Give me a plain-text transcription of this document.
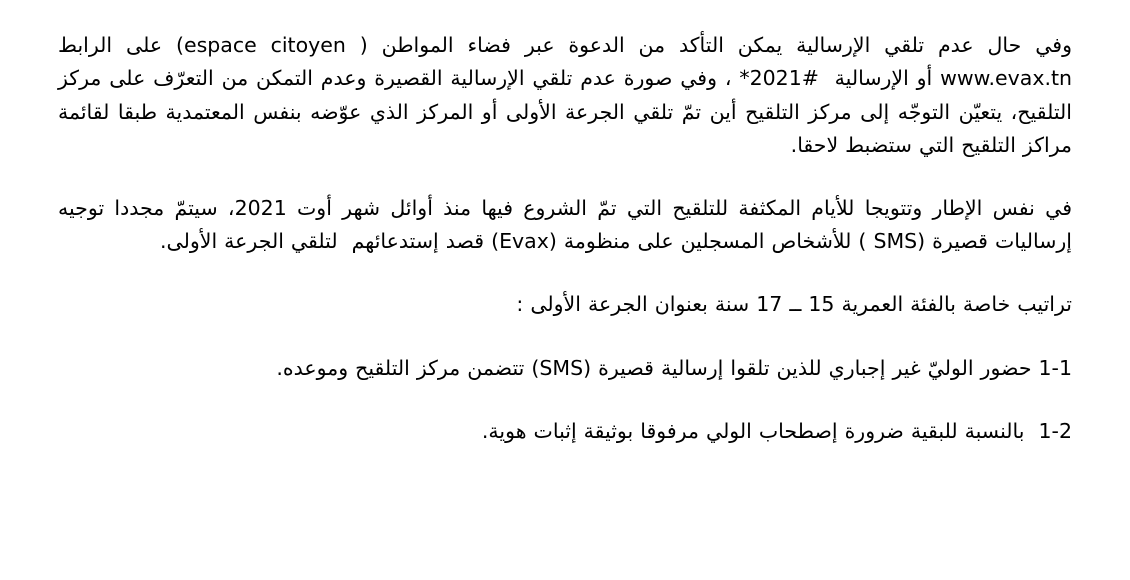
وفي حال عدم تلقي الإرسالية يمكن التأكد من الدعوة عبر فضاء المواطن ( espace citoyen) على الرابط www.evax.tn أو الإرسالية  #2021* ، وفي صورة عدم تلقي الإرسالية القصيرة وعدم التمكن من التعرّف على مركز التلقيح، يتعيّن التوجّه إلى مركز التلقيح أين تمّ تلقي الجرعة الأولى أو المركز الذي عوّضه بنفس المعتمدية طبقا لقائمة مراكز التلقيح التي ستضبط لاحقا.

في نفس الإطار وتتويجا للأيام المكثفة للتلقيح التي تمّ الشروع فيها منذ أوائل شهر أوت 2021، سيتمّ مجددا توجيه إرساليات قصيرة (SMS ) للأشخاص المسجلين على منظومة (Evax) قصد إستدعائهم  لتلقي الجرعة الأولى.

تراتيب خاصة بالفئة العمرية 15 ــ 17 سنة بعنوان الجرعة الأولى :

1-1 حضور الوليّ غير إجباري للذين تلقوا إرسالية قصيرة (SMS) تتضمن مركز التلقيح وموعده.

1-2  بالنسبة للبقية ضرورة إصطحاب الولي مرفوقا بوثيقة إثبات هوية.
